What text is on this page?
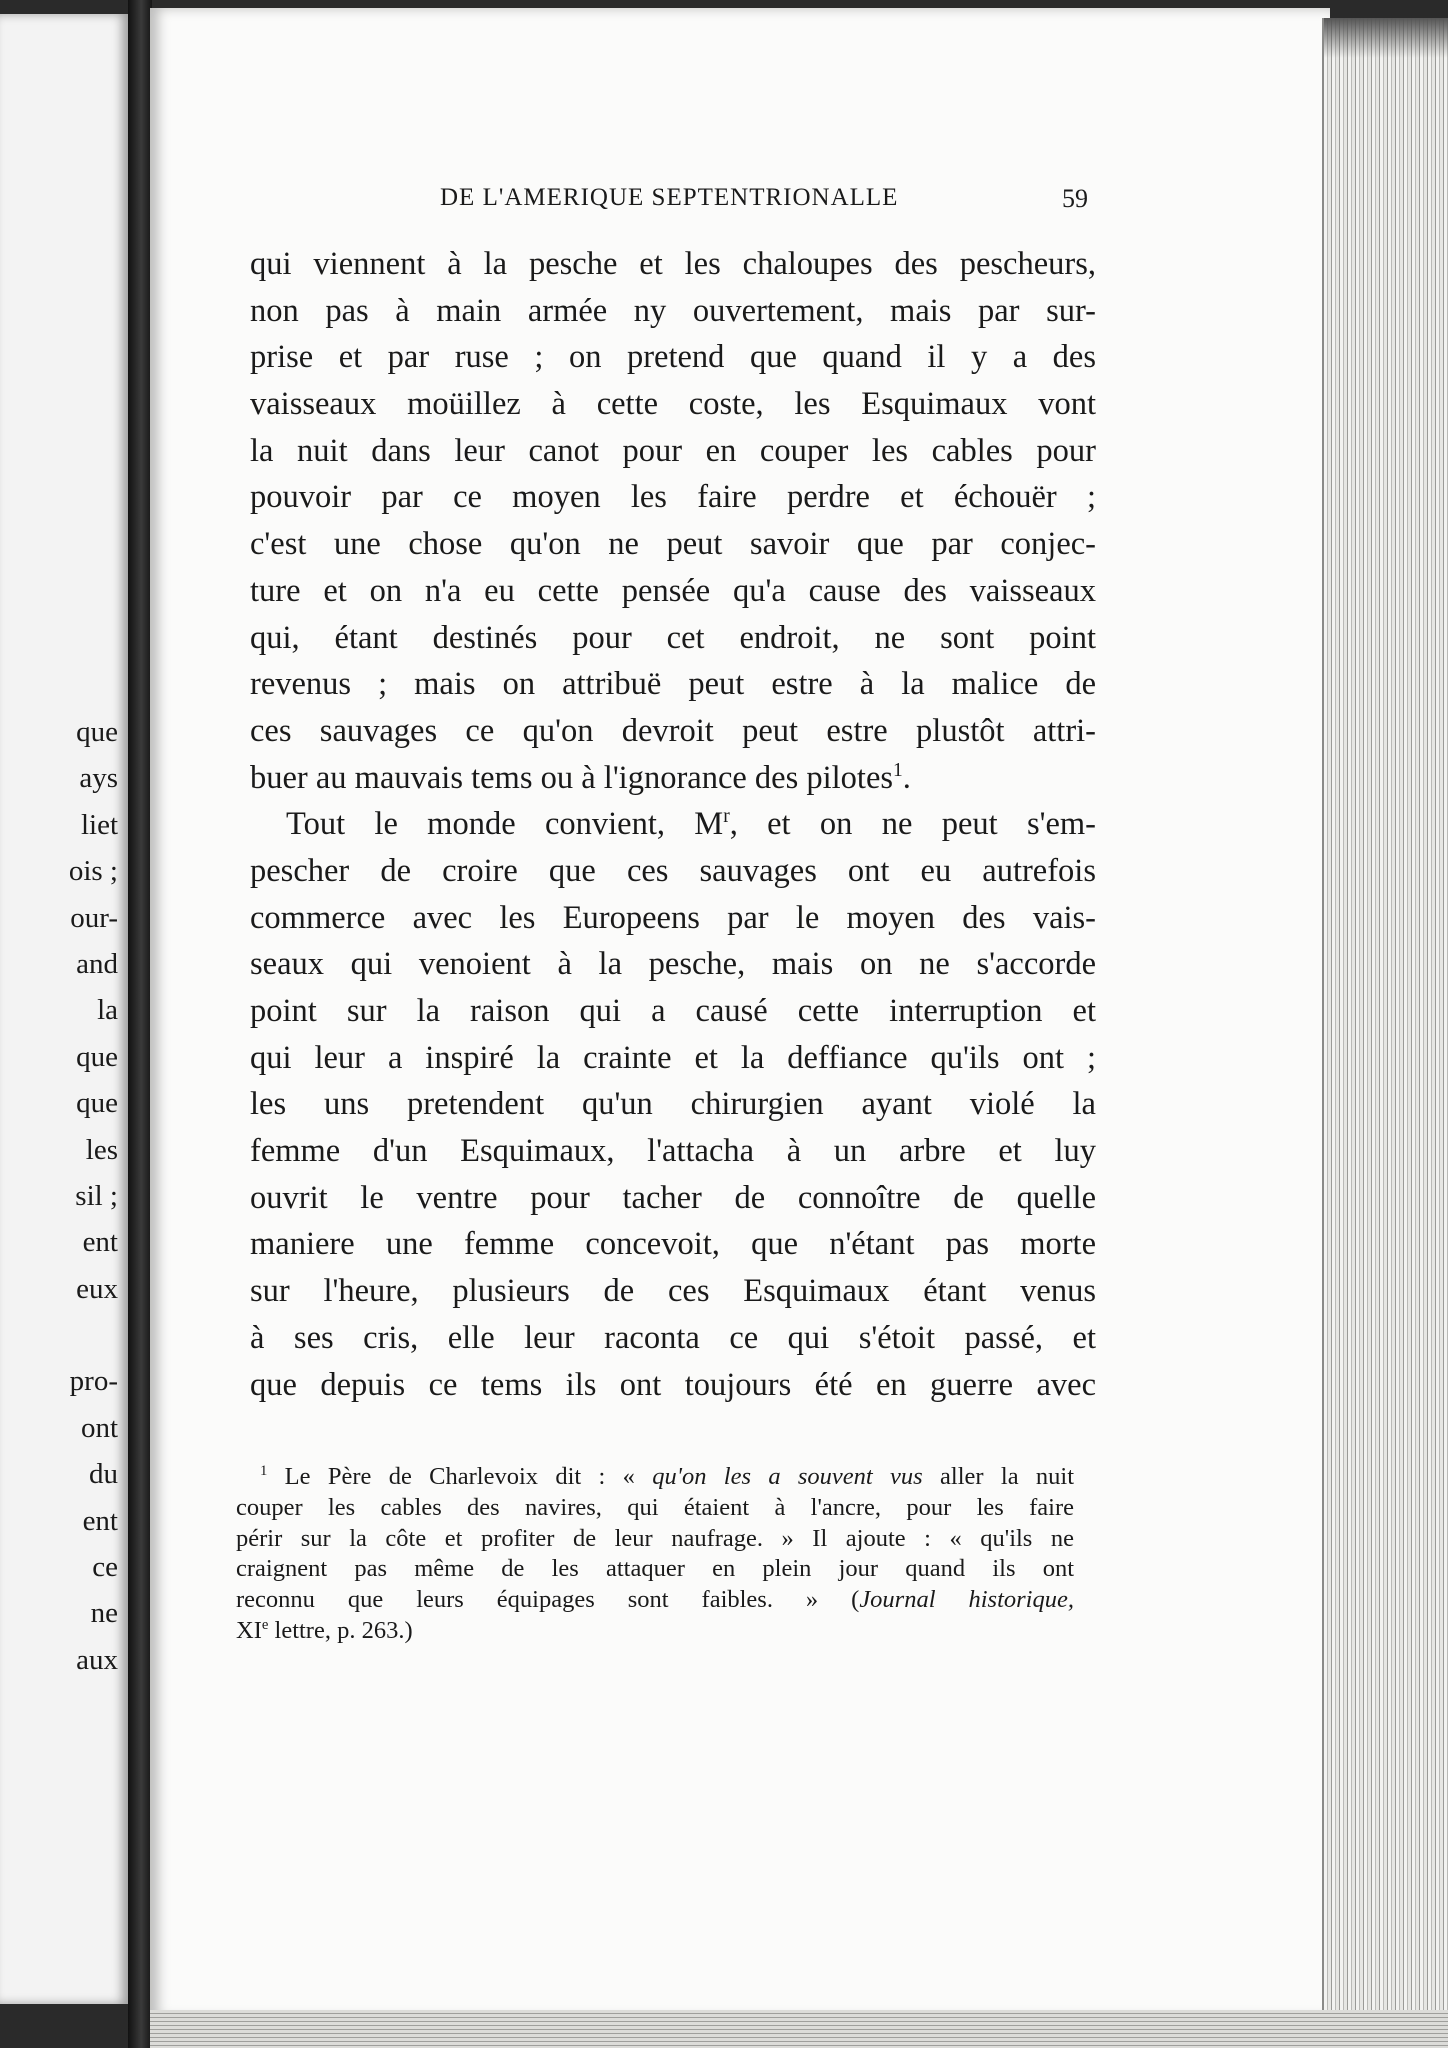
que
ays
liet
ois ;
our-
and
la
que
que
les
sil ;
ent
eux
pro-
ont
du
ent
ce
ne
aux
DE L'AMERIQUE SEPTENTRIONALLE	59
qui viennent à la pesche et les chaloupes des pescheurs,
non pas à main armée ny ouvertement, mais par sur-
prise et par ruse ; on pretend que quand il y a des
vaisseaux moüillez à cette coste, les Esquimaux vont
la nuit dans leur canot pour en couper les cables pour
pouvoir par ce moyen les faire perdre et échouër ;
c'est une chose qu'on ne peut savoir que par conjec-
ture et on n'a eu cette pensée qu'a cause des vaisseaux
qui, étant destinés pour cet endroit, ne sont point
revenus ; mais on attribuë peut estre à la malice de
ces sauvages ce qu'on devroit peut estre plustôt attri-
buer au mauvais tems ou à l'ignorance des pilotes$^1$.
Tout le monde convient, $M^r$, et on ne peut s'em-
pescher de croire que ces sauvages ont eu autrefois
commerce avec les Europeens par le moyen des vais-
seaux qui venoient à la pesche, mais on ne s'accorde
point sur la raison qui a causé cette interruption et
qui leur a inspiré la crainte et la deffiance qu'ils ont ;
les uns pretendent qu'un chirurgien ayant violé la
femme d'un Esquimaux, l'attacha à un arbre et luy
ouvrit le ventre pour tacher de connoître de quelle
maniere une femme concevoit, que n'étant pas morte
sur l'heure, plusieurs de ces Esquimaux étant venus
à ses cris, elle leur raconta ce qui s'étoit passé, et
que depuis ce tems ils ont toujours été en guerre avec
$^1$ Le Père de Charlevoix dit : « qu'on les a souvent vus aller la nuit
couper les cables des navires, qui étaient à l'ancre, pour les faire
périr sur la côte et profiter de leur naufrage. » Il ajoute : « qu'ils ne
craignent pas même de les attaquer en plein jour quand ils ont
reconnu que leurs équipages sont faibles. » (Journal historique,
XIe lettre, p. 263.)
